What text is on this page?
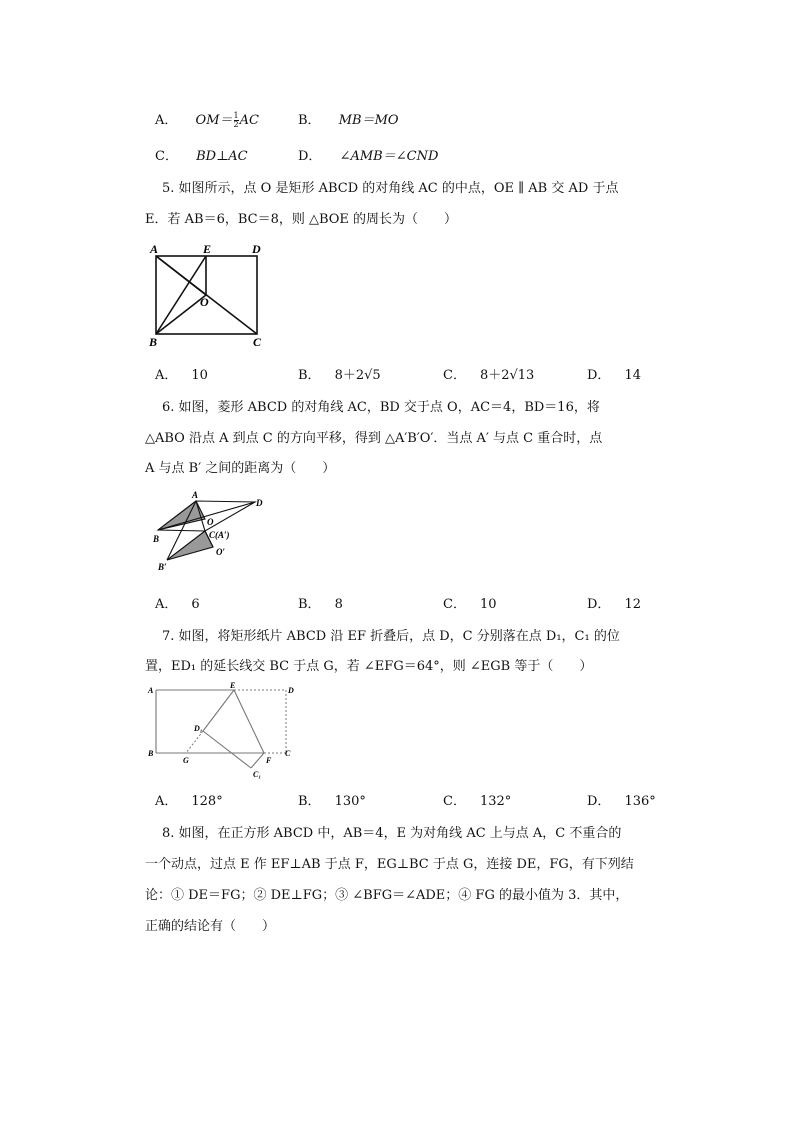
A． $OM= \frac{1}{2}$ AC	B． MB＝MO
C． BD⊥AC	D． ∠AMB＝∠CND
5. 如图所示，点 O 是矩形 ABCD 的对角线 AC 的中点，OE ∥ AB 交 AD 于点
E．若 AB＝6，BC＝8，则 △BOE 的周长为（　　）
A	E	D
O
B	C
A． 10	B． 8＋2√5	C． 8＋2√13	D． 14
6. 如图，菱形 ABCD 的对角线 AC，BD 交于点 O，AC＝4，BD＝16，将
△ABO 沿点 A 到点 C 的方向平移，得到 △A′B′O′．当点 A′ 与点 C 重合时，点
A 与点 B′ 之间的距离为（　　）
A
D
O
B	C(A′)
O′
B′
A． 6	B． 8	C． 10	D． 12
7. 如图，将矩形纸片 ABCD 沿 EF 折叠后，点 D，C 分别落在点 D₁，C₁ 的位
置，ED₁ 的延长线交 BC 于点 G，若 ∠EFG＝64°，则 ∠EGB 等于（　　）
A
E
D
D₁
B
G	F
C
C₁
A． 128°	B． 130°	C． 132°	D． 136°
8. 如图，在正方形 ABCD 中，AB＝4，E 为对角线 AC 上与点 A，C 不重合的
一个动点，过点 E 作 EF⊥AB 于点 F，EG⊥BC 于点 G，连接 DE，FG，有下列结
论：① DE＝FG；② DE⊥FG；③ ∠BFG＝∠ADE；④ FG 的最小值为 3．其中，
正确的结论有（　　）
